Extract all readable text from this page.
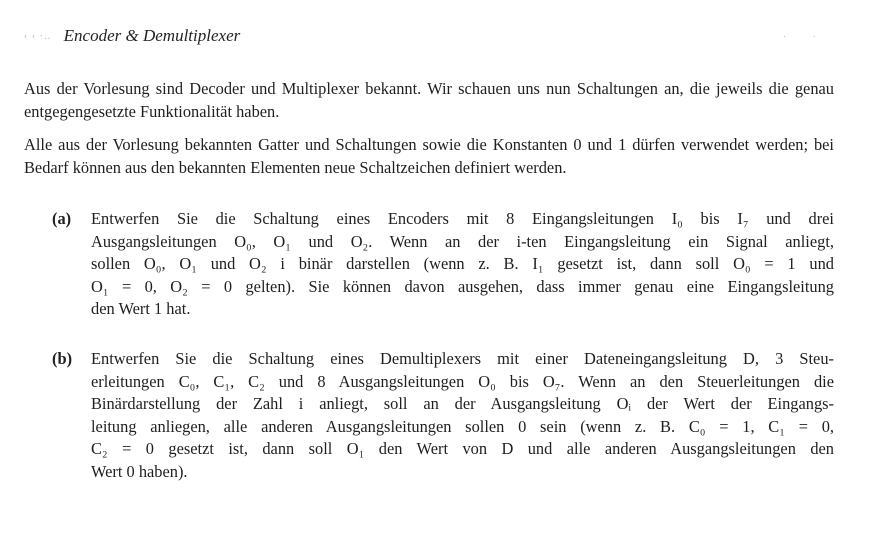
‹ ‹ ·‥ Encoder & Demultiplexer	· ·

Aus der Vorlesung sind Decoder und Multiplexer bekannt. Wir schauen uns nun Schaltungen an, die jeweils die genau entgegengesetzte Funktionalität haben.

Alle aus der Vorlesung bekannten Gatter und Schaltungen sowie die Konstanten 0 und 1 dürfen verwendet werden; bei Bedarf können aus den bekannten Elementen neue Schaltzeichen definiert werden.

(a) Entwerfen Sie die Schaltung eines Encoders mit 8 Eingangsleitungen I₀ bis I₇ und drei
Ausgangsleitungen O₀, O₁ und O₂. Wenn an der i-ten Eingangsleitung ein Signal anliegt,
sollen O₀, O₁ und O₂ i binär darstellen (wenn z. B. I₁ gesetzt ist, dann soll O₀ = 1 und
O₁ = 0, O₂ = 0 gelten). Sie können davon ausgehen, dass immer genau eine Eingangsleitung
den Wert 1 hat.
(b) Entwerfen Sie die Schaltung eines Demultiplexers mit einer Dateneingangsleitung D, 3 Steu-
erleitungen C₀, C₁, C₂ und 8 Ausgangsleitungen O₀ bis O₇. Wenn an den Steuerleitungen die
Binärdarstellung der Zahl i anliegt, soll an der Ausgangsleitung Oᵢ der Wert der Eingangs-
leitung anliegen, alle anderen Ausgangsleitungen sollen 0 sein (wenn z. B. C₀ = 1, C₁ = 0,
C₂ = 0 gesetzt ist, dann soll O₁ den Wert von D und alle anderen Ausgangsleitungen den
Wert 0 haben).
